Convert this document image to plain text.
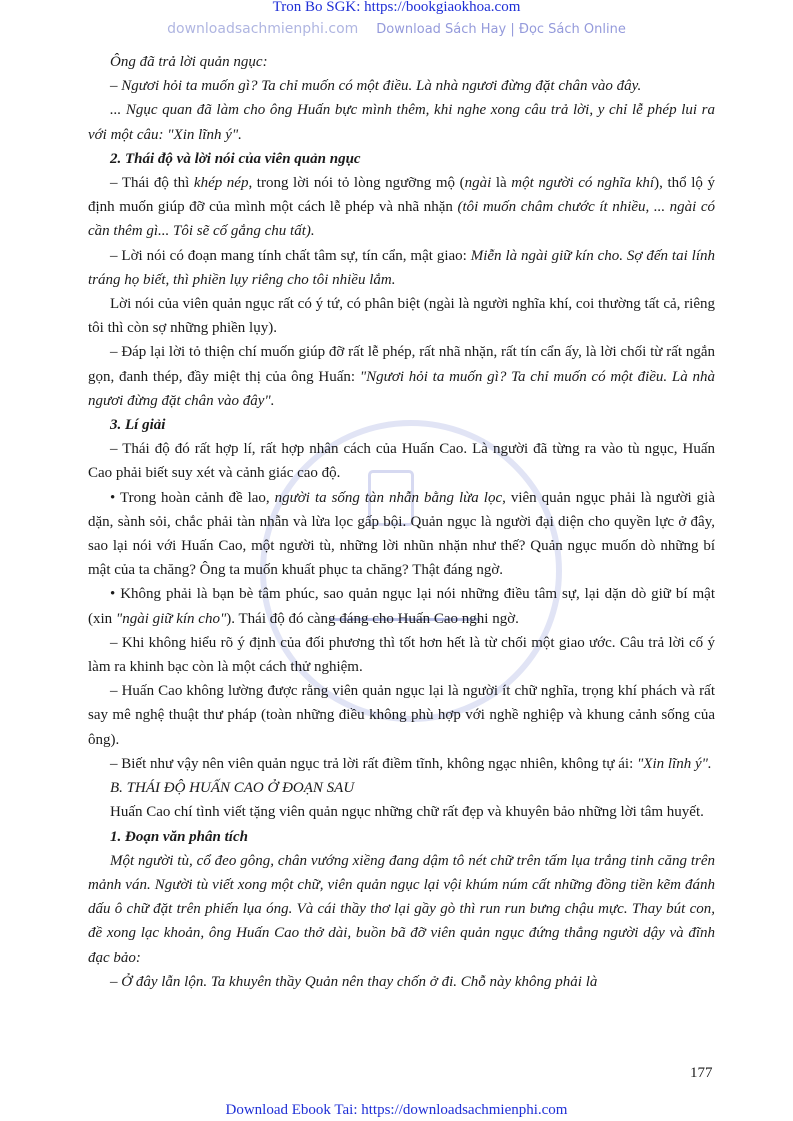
Tron Bo SGK: https://bookgiaokhoa.com
downloadsachmienphi.com Download Sách Hay | Đọc Sách Online

Ông đã trả lời quản ngục:

– Ngươi hỏi ta muốn gì? Ta chỉ muốn có một điều. Là nhà ngươi đừng đặt chân vào đây.

... Ngục quan đã làm cho ông Huấn bực mình thêm, khi nghe xong câu trả lời, y chỉ lễ phép lui ra với một câu: "Xin lĩnh ý".

2. Thái độ và lời nói của viên quản ngục

– Thái độ thì khép nép, trong lời nói tỏ lòng ngưỡng mộ (ngài là một người có nghĩa khí), thổ lộ ý định muốn giúp đỡ của mình một cách lễ phép và nhã nhặn (tôi muốn châm chước ít nhiều, ... ngài có cần thêm gì... Tôi sẽ cố gắng chu tất).

– Lời nói có đoạn mang tính chất tâm sự, tín cẩn, mật giao: Miễn là ngài giữ kín cho. Sợ đến tai lính tráng họ biết, thì phiền lụy riêng cho tôi nhiều lắm.

Lời nói của viên quản ngục rất có ý tứ, có phân biệt (ngài là người nghĩa khí, coi thường tất cả, riêng tôi thì còn sợ những phiền lụy).

– Đáp lại lời tỏ thiện chí muốn giúp đỡ rất lễ phép, rất nhã nhặn, rất tín cẩn ấy, là lời chối từ rất ngắn gọn, đanh thép, đầy miệt thị của ông Huấn: "Ngươi hỏi ta muốn gì? Ta chỉ muốn có một điều. Là nhà ngươi đừng đặt chân vào đây".

3. Lí giải

– Thái độ đó rất hợp lí, rất hợp nhân cách của Huấn Cao. Là người đã từng ra vào tù ngục, Huấn Cao phải biết suy xét và cảnh giác cao độ.

• Trong hoàn cảnh đề lao, người ta sống tàn nhẫn bằng lừa lọc, viên quản ngục phải là người già dặn, sành sỏi, chắc phải tàn nhẫn và lừa lọc gấp bội. Quản ngục là người đại diện cho quyền lực ở đây, sao lại nói với Huấn Cao, một người tù, những lời nhũn nhặn như thế? Quản ngục muốn dò những bí mật của ta chăng? Ông ta muốn khuất phục ta chăng? Thật đáng ngờ.

• Không phải là bạn bè tâm phúc, sao quản ngục lại nói những điều tâm sự, lại dặn dò giữ bí mật (xin "ngài giữ kín cho"). Thái độ đó càng đáng cho Huấn Cao nghi ngờ.

– Khi không hiểu rõ ý định của đối phương thì tốt hơn hết là từ chối một giao ước. Câu trả lời cố ý làm ra khinh bạc còn là một cách thử nghiệm.

– Huấn Cao không lường được rằng viên quản ngục lại là người ít chữ nghĩa, trọng khí phách và rất say mê nghệ thuật thư pháp (toàn những điều không phù hợp với nghề nghiệp và khung cảnh sống của ông).

– Biết như vậy nên viên quản ngục trả lời rất điềm tĩnh, không ngạc nhiên, không tự ái: "Xin lĩnh ý".

B. THÁI ĐỘ HUẤN CAO Ở ĐOẠN SAU

Huấn Cao chí tình viết tặng viên quản ngục những chữ rất đẹp và khuyên bảo những lời tâm huyết.

1. Đoạn văn phân tích

Một người tù, cổ đeo gông, chân vướng xiềng đang dậm tô nét chữ trên tấm lụa trắng tinh căng trên mảnh ván. Người tù viết xong một chữ, viên quản ngục lại vội khúm núm cất những đồng tiền kẽm đánh dấu ô chữ đặt trên phiến lụa óng. Và cái thầy thơ lại gầy gò thì run run bưng chậu mực. Thay bút con, đề xong lạc khoản, ông Huấn Cao thở dài, buồn bã đỡ viên quản ngục đứng thẳng người dậy và đĩnh đạc bảo:

– Ở đây lẫn lộn. Ta khuyên thầy Quản nên thay chốn ở đi. Chỗ này không phải là

177
Download Ebook Tai: https://downloadsachmienphi.com
